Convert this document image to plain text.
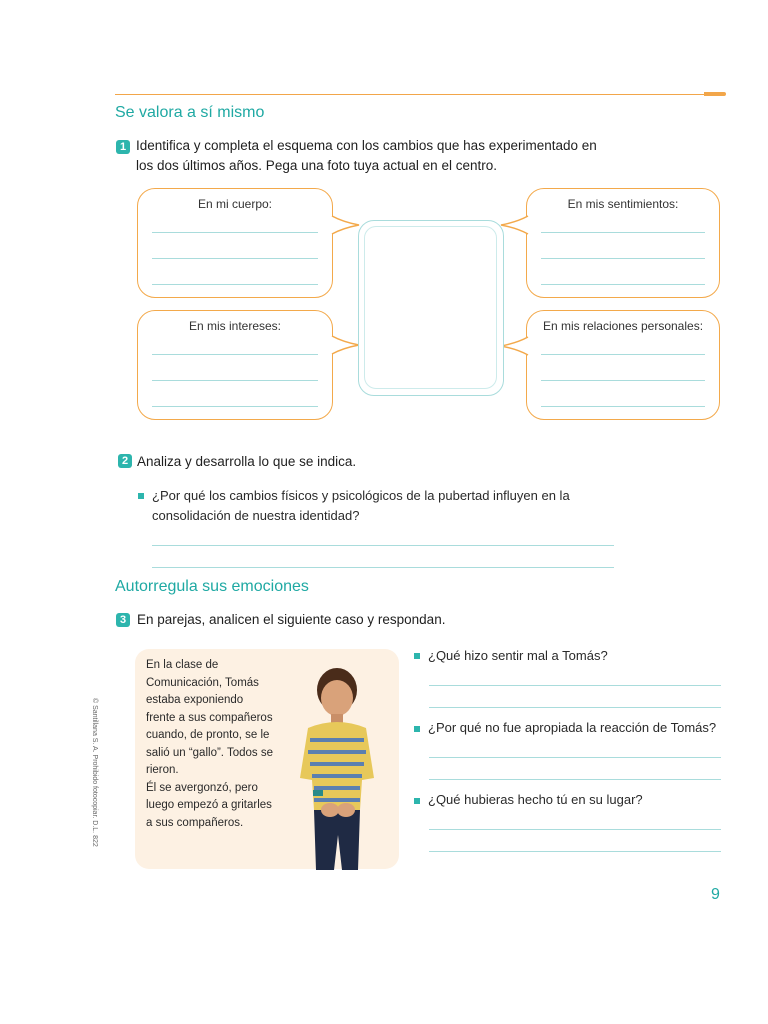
Se valora a sí mismo
1 Identifica y completa el esquema con los cambios que has experimentado en
los dos últimos años. Pega una foto tuya actual en el centro.
En mi cuerpo:	En mis sentimientos:
En mis intereses:	En mis relaciones personales:
2 Analiza y desarrolla lo que se indica.
¿Por qué los cambios físicos y psicológicos de la pubertad influyen en la
consolidación de nuestra identidad?
Autorregula sus emociones
3 En parejas, analicen el siguiente caso y respondan.
En la clase de
Comunicación, Tomás
estaba exponiendo
frente a sus compañeros
cuando, de pronto, se le
salió un “gallo”. Todos se
rieron.
Él se avergonzó, pero
luego empezó a gritarles
a sus compañeros.
¿Qué hizo sentir mal a Tomás?
¿Por qué no fue apropiada la reacción de Tomás?
¿Qué hubieras hecho tú en su lugar?
© Santillana S. A. Prohibido fotocopiar. D.L. 822
9
